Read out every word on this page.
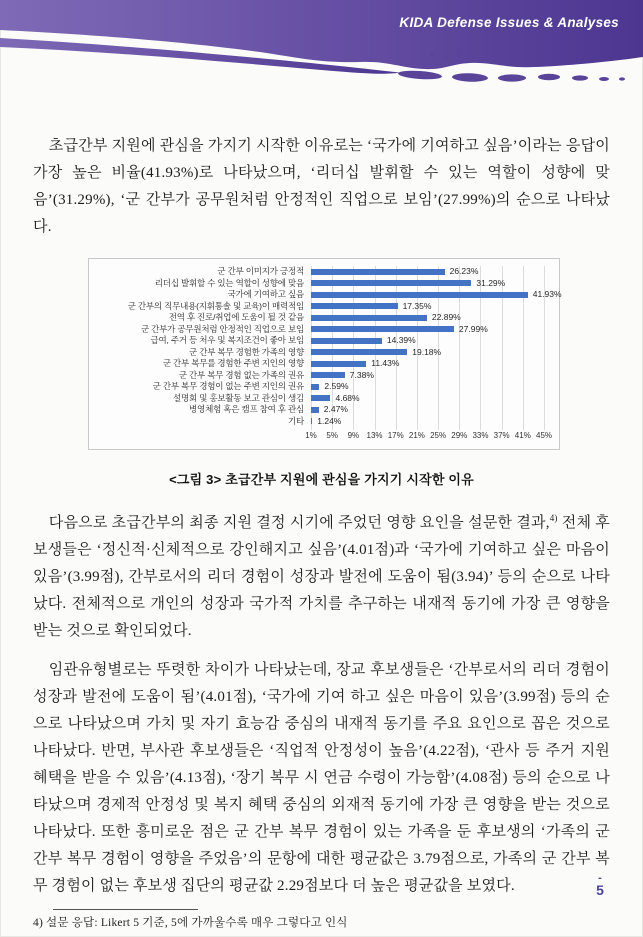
KIDA Defense Issues & Analyses

초급간부 지원에 관심을 가지기 시작한 이유로는 ‘국가에 기여하고 싶음’이라는 응답이 가장 높은 비율(41.93%)로 나타났으며, ‘리더십 발휘할 수 있는 역할이 성향에 맞음’(31.29%), ‘군 간부가 공무원처럼 안정적인 직업으로 보임’(27.99%)의 순으로 나타났다.

군 간부 이미지가 긍정적	26.23%
리더십 발휘할 수 있는 역할이 성향에 맞음	31.29%
국가에 기여하고 싶음	41.93%
군 간부의 직무내용(지휘통솔 및 교육)이 매력적임	17.35%
전역 후 진로/취업에 도움이 될 것 같음	22.89%
군 간부가 공무원처럼 안정적인 직업으로 보임	27.99%
급여, 주거 등 처우 및 복지조건이 좋아 보임	14.39%
군 간부 복무 경험한 가족의 영향	19.18%
군 간부 복무를 경험한 주변 지인의 영향	11.43%
군 간부 복무 경험 없는 가족의 권유	7.38%
군 간부 복무 경험이 없는 주변 지인의 권유	2.59%
설명회 및 홍보활동 보고 관심이 생김	4.68%
병영체험 혹은 캠프 참여 후 관심	2.47%
기타	1.24%
1% 5% 9% 13% 17% 21% 25% 29% 33% 37% 41% 45%
<그림 3> 초급간부 지원에 관심을 가지기 시작한 이유

다음으로 초급간부의 최종 지원 결정 시기에 주었던 영향 요인을 설문한 결과,$^{4)}$ 전체 후보생들은 ‘정신적·신체적으로 강인해지고 싶음’(4.01점)과 ‘국가에 기여하고 싶은 마음이 있음’(3.99점), 간부로서의 리더 경험이 성장과 발전에 도움이 됨(3.94)’ 등의 순으로 나타났다. 전체적으로 개인의 성장과 국가적 가치를 추구하는 내재적 동기에 가장 큰 영향을 받는 것으로 확인되었다.

임관유형별로는 뚜렷한 차이가 나타났는데, 장교 후보생들은 ‘간부로서의 리더 경험이 성장과 발전에 도움이 됨’(4.01점), ‘국가에 기여 하고 싶은 마음이 있음’(3.99점) 등의 순으로 나타났으며 가치 및 자기 효능감 중심의 내재적 동기를 주요 요인으로 꼽은 것으로 나타났다. 반면, 부사관 후보생들은 ‘직업적 안정성이 높음’(4.22점), ‘관사 등 주거 지원 혜택을 받을 수 있음’(4.13점), ‘장기 복무 시 연금 수령이 가능함’(4.08점) 등의 순으로 나타났으며 경제적 안정성 및 복지 혜택 중심의 외재적 동기에 가장 큰 영향을 받는 것으로 나타났다. 또한 흥미로운 점은 군 간부 복무 경험이 있는 가족을 둔 후보생의 ‘가족의 군 간부 복무 경험이 영향을 주었음’의 문항에 대한 평균값은 3.79점으로, 가족의 군 간부 복무 경험이 없는 후보생 집단의 평균값 2.29점보다 더 높은 평균값을 보였다.

4) 설문 응답: Likert 5 기준, 5에 가까울수록 매우 그렇다고 인식
-
5
